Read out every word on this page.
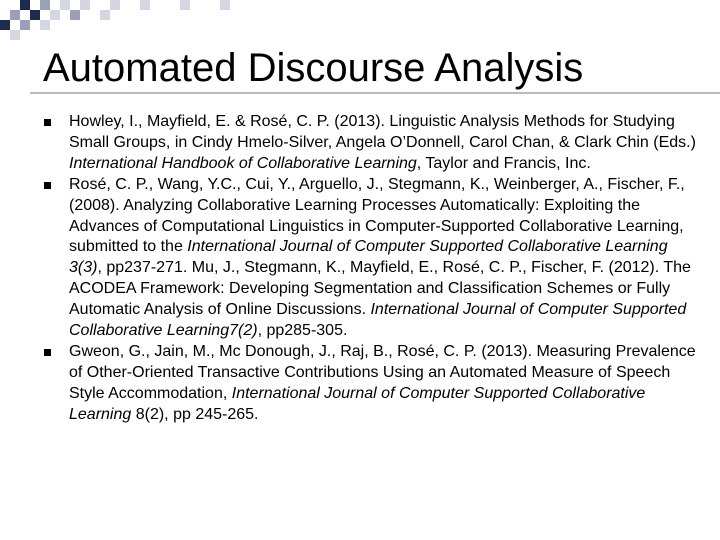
Automated Discourse Analysis
Howley, I., Mayfield, E. & Rosé, C. P. (2013). Linguistic Analysis Methods for Studying Small Groups, in Cindy Hmelo-Silver, Angela O’Donnell, Carol Chan, & Clark Chin (Eds.) International Handbook of Collaborative Learning, Taylor and Francis, Inc.
Rosé, C. P., Wang, Y.C., Cui, Y., Arguello, J., Stegmann, K., Weinberger, A., Fischer, F., (2008). Analyzing Collaborative Learning Processes Automatically: Exploiting the Advances of Computational Linguistics in Computer-Supported Collaborative Learning, submitted to the International Journal of Computer Supported Collaborative Learning 3(3), pp237-271. Mu, J., Stegmann, K., Mayfield, E., Rosé, C. P., Fischer, F. (2012). The ACODEA Framework: Developing Segmentation and Classification Schemes or Fully Automatic Analysis of Online Discussions. International Journal of Computer Supported Collaborative Learning7(2), pp285-305.
Gweon, G., Jain, M., Mc Donough, J., Raj, B., Rosé, C. P. (2013). Measuring Prevalence of Other-Oriented Transactive Contributions Using an Automated Measure of Speech Style Accommodation, International Journal of Computer Supported Collaborative Learning 8(2), pp 245-265.
